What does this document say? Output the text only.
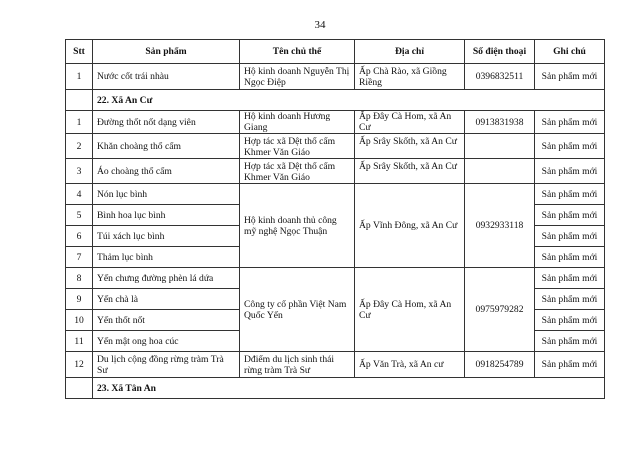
34
Stt	Sản phẩm	Tên chủ thể	Địa chỉ	Số điện thoại	Ghi chú
1	Nước cốt trái nhàu	Hộ kinh doanh Nguyễn Thị Ngọc Điệp	Ấp Chà Rào, xã Giồng Riềng	0396832511	Sản phẩm mới
	22. Xã An Cư				
1	Đường thốt nốt dạng viên	Hộ kinh doanh Hương Giang	Ấp Đây Cà Hom, xã An Cư	0913831938	Sản phẩm mới
2	Khăn choàng thổ cẩm	Hợp tác xã Dệt thổ cẩm Khmer Văn Giáo	Ấp Srây Skốth, xã An Cư		Sản phẩm mới
3	Áo choàng thổ cẩm	Hợp tác xã Dệt thổ cẩm Khmer Văn Giáo	Ấp Srây Skốth, xã An Cư		Sản phẩm mới
4	Nón lục bình	Hộ kinh doanh thủ công mỹ nghệ Ngọc Thuận	Ấp Vĩnh Đông, xã An Cư	0932933118	Sản phẩm mới
5	Bình hoa lục bình				Sản phẩm mới
6	Túi xách lục bình				Sản phẩm mới
7	Thảm lục bình				Sản phẩm mới
8	Yến chưng đường phèn lá dứa	Công ty cổ phần Việt Nam Quốc Yến	Ấp Đây Cà Hom, xã An Cư	0975979282	Sản phẩm mới
9	Yến chà là				Sản phẩm mới
10	Yến thốt nốt				Sản phẩm mới
11	Yến mật ong hoa cúc				Sản phẩm mới
12	Du lịch cộng đồng rừng tràm Trà Sư	Dđiểm du lịch sinh thái rừng tràm Trà Sư	Ấp Văn Trà, xã An cư	0918254789	Sản phẩm mới
	23. Xã Tân An				
